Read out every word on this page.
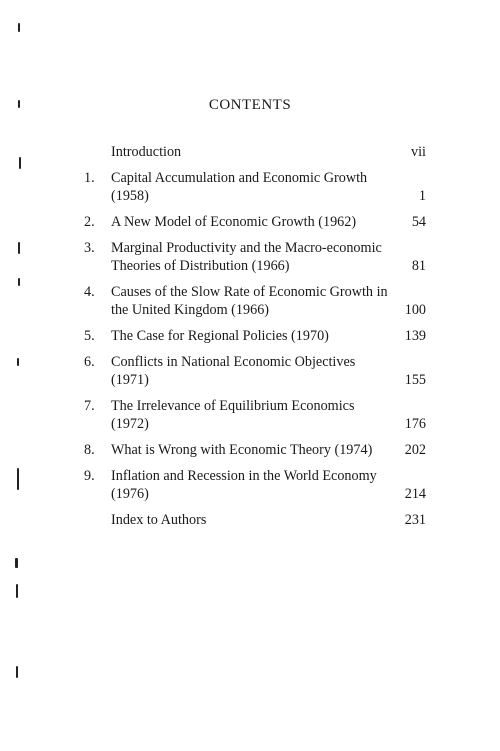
CONTENTS
Introduction	vii
1.	Capital Accumulation and Economic Growth (1958)	1
2.	A New Model of Economic Growth (1962)	54
3.	Marginal Productivity and the Macro-economic Theories of Distribution (1966)	81
4.	Causes of the Slow Rate of Economic Growth in the United Kingdom (1966)	100
5.	The Case for Regional Policies (1970)	139
6.	Conflicts in National Economic Objectives (1971)	155
7.	The Irrelevance of Equilibrium Economics (1972)	176
8.	What is Wrong with Economic Theory (1974)	202
9.	Inflation and Recession in the World Economy (1976)	214
Index to Authors	231
